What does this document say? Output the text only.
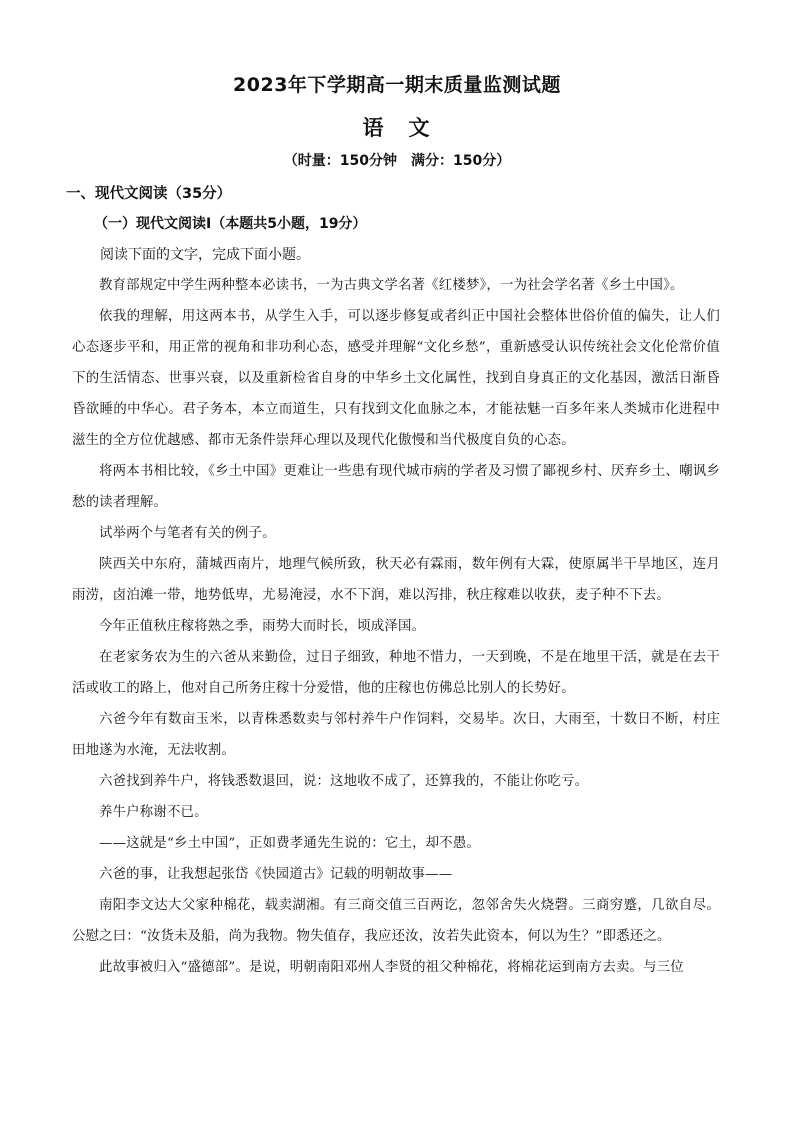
2023年下学期高一期末质量监测试题
语　文
（时量：150分钟　满分：150分）
一、现代文阅读（35分）
（一）现代文阅读Ⅰ（本题共5小题，19分）
阅读下面的文字，完成下面小题。

教育部规定中学生两种整本必读书，一为古典文学名著《红楼梦》，一为社会学名著《乡土中国》。

依我的理解，用这两本书，从学生入手，可以逐步修复或者纠正中国社会整体世俗价值的偏失，让人们心态逐步平和，用正常的视角和非功利心态，感受并理解“文化乡愁”，重新感受认识传统社会文化伦常价值下的生活情态、世事兴衰，以及重新检省自身的中华乡土文化属性，找到自身真正的文化基因，激活日渐昏昏欲睡的中华心。君子务本，本立而道生，只有找到文化血脉之本，才能祛魅一百多年来人类城市化进程中滋生的全方位优越感、都市无条件崇拜心理以及现代化傲慢和当代极度自负的心态。

将两本书相比较，《乡土中国》更难让一些患有现代城市病的学者及习惯了鄙视乡村、厌弃乡土、嘲讽乡愁的读者理解。

试举两个与笔者有关的例子。

陕西关中东府，蒲城西南片，地理气候所致，秋天必有霖雨，数年例有大霖，使原属半干旱地区，连月雨涝，卤泊滩一带，地势低卑，尤易淹浸，水不下润，难以泻排，秋庄稼难以收获，麦子种不下去。

今年正值秋庄稼将熟之季，雨势大而时长，顷成泽国。

在老家务农为生的六爸从来勤俭，过日子细致，种地不惜力，一天到晚，不是在地里干活，就是在去干活或收工的路上，他对自己所务庄稼十分爱惜，他的庄稼也仿佛总比别人的长势好。

六爸今年有数亩玉米，以青株悉数卖与邻村养牛户作饲料，交易毕。次日，大雨至，十数日不断，村庄田地遂为水淹，无法收割。

六爸找到养牛户，将钱悉数退回，说：这地收不成了，还算我的，不能让你吃亏。

养牛户称谢不已。

——这就是“乡土中国”，正如费孝通先生说的：它土，却不愚。

六爸的事，让我想起张岱《快园道古》记载的明朝故事——

南阳李文达大父家种棉花，载卖湖湘。有三商交值三百两讫，忽邻舍失火烧磬。三商穷蹙，几欲自尽。公慰之曰：“汝货未及船，尚为我物。物失值存，我应还汝，汝若失此资本，何以为生？”即悉还之。

此故事被归入“盛德部”。是说，明朝南阳邓州人李贤的祖父种棉花，将棉花运到南方去卖。与三位
